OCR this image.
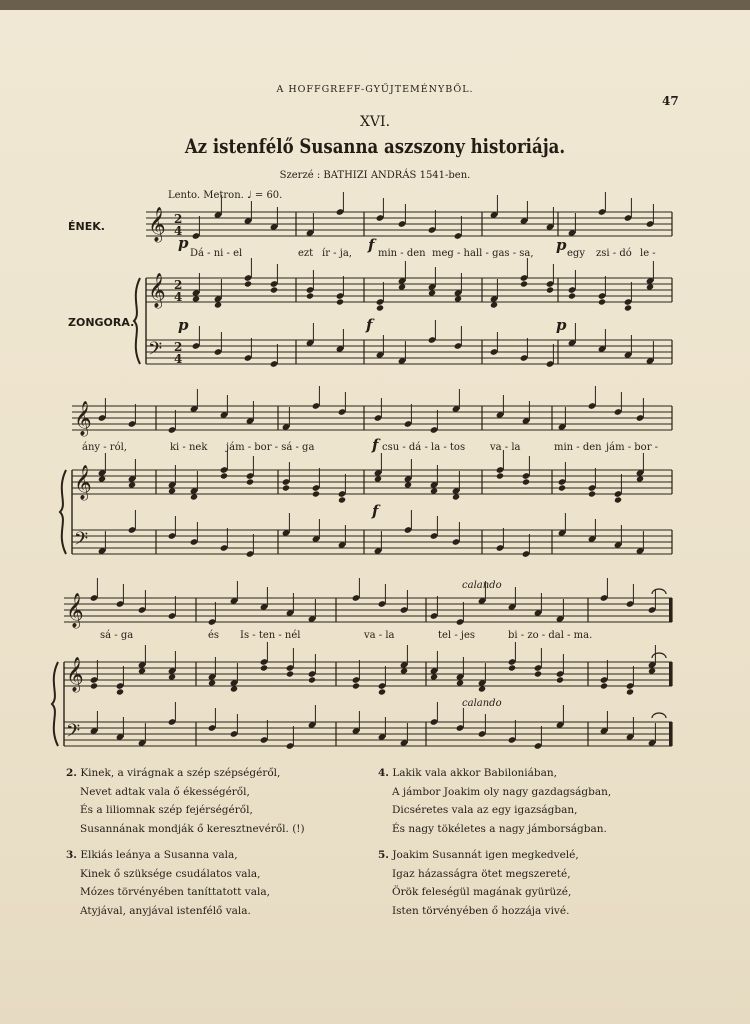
A HOFFGREFF-GYŰJTEMÉNYBŐL.
47
XVI.
Az istenfélő Susanna aszszony historiája.
Szerzé : BATHIZI ANDRÁS 1541-ben.
Lento. Metron. ♩ = 60.
ÉNEK.
ZONGORA.
p	f	p
p	f	p
f
f
calando
calando
Dá - ni - el	ezt ír - ja,	min - den meg - hall - gas - sa,	egy zsi - dó le -
ány - ról,	ki - nek jám - bor - sá - ga	csu - dá - la - tos va - la	min - den jám - bor -
sá - ga	és Is - ten - nél	va - la	tel - jes	bi - zo - dal - ma.
𝄞
𝄞
𝄢
2
4
2
4
2
4
𝄞
𝄞
𝄢
𝄞
𝄞
𝄢
2. Kinek, a virágnak a szép szépségéről,
Nevet adtak vala ő ékességéről,
És a liliomnak szép fejérségéről,
Susannának mondják ő keresztnevéről. (!)
3. Elkiás leánya a Susanna vala,
Kinek ő szüksége csudálatos vala,
Mózes törvényében taníttatott vala,
Atyjával, anyjával istenfélő vala.
4. Lakik vala akkor Babiloniában,
A jámbor Joakim oly nagy gazdagságban,
Dicséretes vala az egy igazságban,
És nagy tökéletes a nagy jámborságban.
5. Joakim Susannát igen megkedvelé,
Igaz házasságra ötet megszereté,
Örök feleségül magának gyürüzé,
Isten törvényében ő hozzája vivé.
